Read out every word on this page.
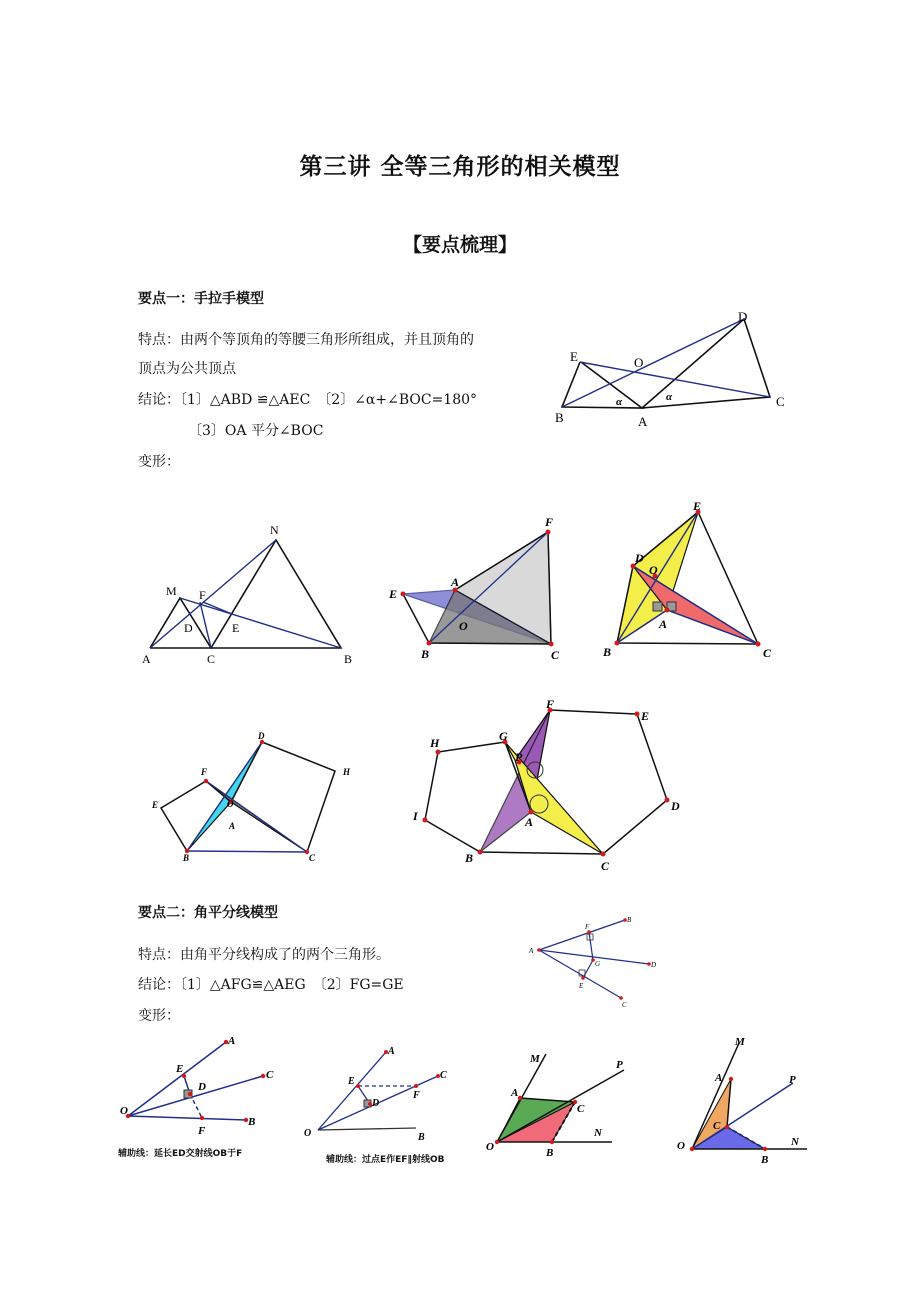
第三讲 全等三角形的相关模型
【要点梳理】
要点一：手拉手模型
特点：由两个等顶角的等腰三角形所组成，并且顶角的
顶点为公共顶点
结论：〔1〕△ABD ≌△AEC　〔2〕∠α+∠BOC=180°
〔3〕OA 平分∠BOC
变形：
要点二：角平分线模型
特点：由角平分线构成了的两个三角形。
结论：〔1〕△AFG≌△AEG　〔2〕FG=GE
变形：
辅助线：延长ED交射线OB于F
辅助线：过点E作EF∥射线OB
D
E	O
B	A
C
α	α
N
M F
D	E
A	C	B
A
F
E
O
B	C
E
D
O
A
B	C
D
F
E	O
A
H
B	C
F
E
D
C
B
I
H	G
P
A
A
F
B
G	D
E
C
A
E
D
C
O
B
F
A
C
E
F
D
O	B
M	P
A
C
N
O	B
M
P
A
C
N
O
B
